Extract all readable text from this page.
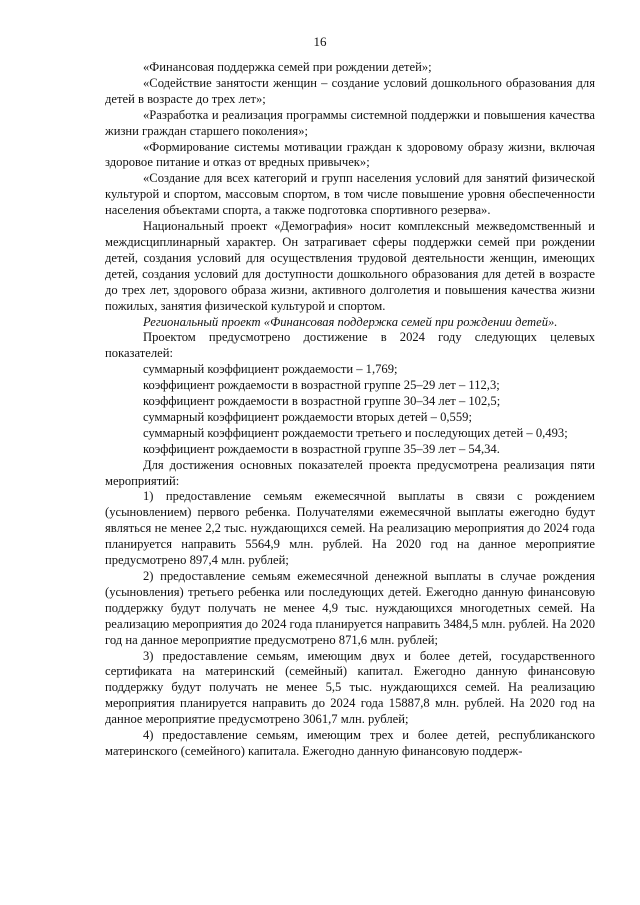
16

«Финансовая поддержка семей при рождении детей»;

«Содействие занятости женщин – создание условий дошкольного образования для детей в возрасте до трех лет»;

«Разработка и реализация программы системной поддержки и повышения качества жизни граждан старшего поколения»;

«Формирование системы мотивации граждан к здоровому образу жизни, включая здоровое питание и отказ от вредных привычек»;

«Создание для всех категорий и групп населения условий для занятий физической культурой и спортом, массовым спортом, в том числе повышение уровня обеспеченности населения объектами спорта, а также подготовка спортивного резерва».

Национальный проект «Демография» носит комплексный межведомственный и междисциплинарный характер. Он затрагивает сферы поддержки семей при рождении детей, создания условий для осуществления трудовой деятельности женщин, имеющих детей, создания условий для доступности дошкольного образования для детей в возрасте до трех лет, здорового образа жизни, активного долголетия и повышения качества жизни пожилых, занятия физической культурой и спортом.

Региональный проект «Финансовая поддержка семей при рождении детей».

Проектом предусмотрено достижение в 2024 году следующих целевых показателей:

суммарный коэффициент рождаемости – 1,769;

коэффициент рождаемости в возрастной группе 25–29 лет – 112,3;

коэффициент рождаемости в возрастной группе 30–34 лет – 102,5;

суммарный коэффициент рождаемости вторых детей – 0,559;

суммарный коэффициент рождаемости третьего и последующих детей – 0,493;

коэффициент рождаемости в возрастной группе 35–39 лет – 54,34.

Для достижения основных показателей проекта предусмотрена реализация пяти мероприятий:

1) предоставление семьям ежемесячной выплаты в связи с рождением (усыновлением) первого ребенка. Получателями ежемесячной выплаты ежегодно будут являться не менее 2,2 тыс. нуждающихся семей. На реализацию мероприятия до 2024 года планируется направить 5564,9 млн. рублей. На 2020 год на данное мероприятие предусмотрено 897,4 млн. рублей;

2) предоставление семьям ежемесячной денежной выплаты в случае рождения (усыновления) третьего ребенка или последующих детей. Ежегодно данную финансовую поддержку будут получать не менее 4,9 тыс. нуждающихся многодетных семей. На реализацию мероприятия до 2024 года планируется направить 3484,5 млн. рублей. На 2020 год на данное мероприятие предусмотрено 871,6 млн. рублей;

3) предоставление семьям, имеющим двух и более детей, государственного сертификата на материнский (семейный) капитал. Ежегодно данную финансовую поддержку будут получать не менее 5,5 тыс. нуждающихся семей. На реализацию мероприятия планируется направить до 2024 года 15887,8 млн. рублей. На 2020 год на данное мероприятие предусмотрено 3061,7 млн. рублей;

4) предоставление семьям, имеющим трех и более детей, республиканского материнского (семейного) капитала. Ежегодно данную финансовую поддерж-
